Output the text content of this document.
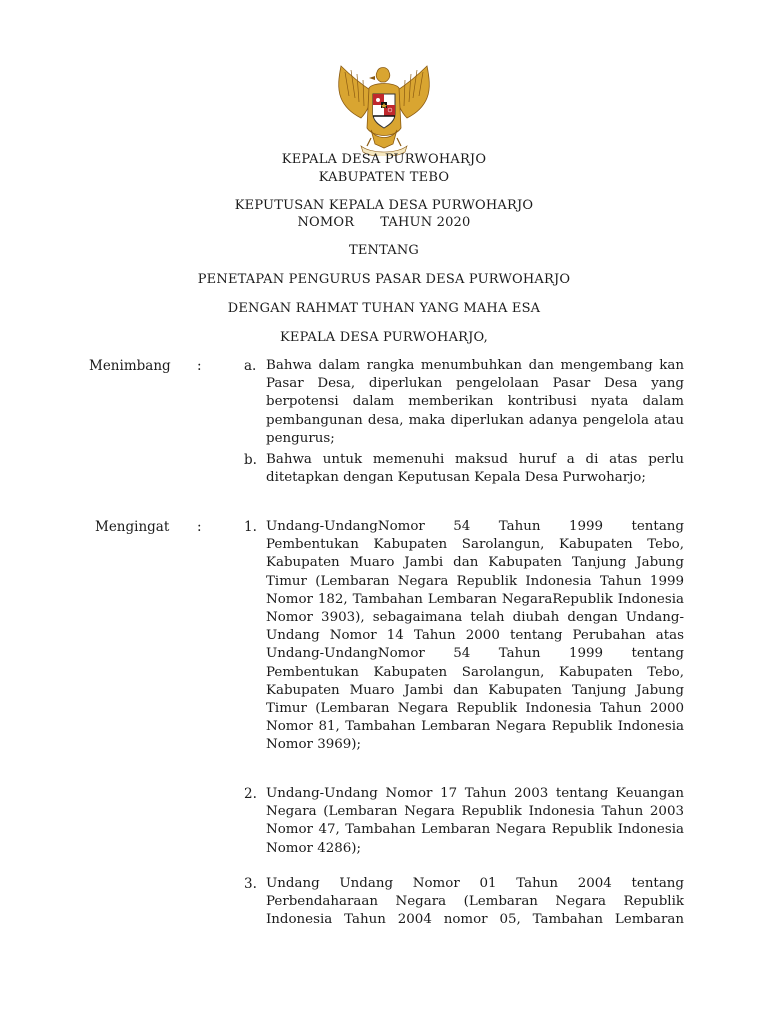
KEPALA DESA PURWOHARJO
KABUPATEN TEBO
KEPUTUSAN KEPALA DESA PURWOHARJO
NOMOR      TAHUN 2020
TENTANG
PENETAPAN PENGURUS PASAR DESA PURWOHARJO
DENGAN RAHMAT TUHAN YANG MAHA ESA
KEPALA DESA PURWOHARJO,
Menimbang :	a. Bahwa dalam rangka menumbuhkan dan mengembang kan Pasar Desa, diperlukan pengelolaan Pasar Desa yang berpotensi dalam memberikan kontribusi nyata dalam pembangunan desa, maka diperlukan adanya pengelola atau pengurus;
b. Bahwa untuk memenuhi maksud huruf a di atas perlu ditetapkan dengan Keputusan Kepala Desa Purwoharjo;
Mengingat :	1. Undang-UndangNomor 54 Tahun 1999 tentang Pembentukan Kabupaten Sarolangun, Kabupaten Tebo, Kabupaten Muaro Jambi dan Kabupaten Tanjung Jabung Timur (Lembaran Negara Republik Indonesia Tahun 1999 Nomor 182, Tambahan Lembaran NegaraRepublik Indonesia Nomor 3903), sebagaimana telah diubah dengan Undang-Undang Nomor 14 Tahun 2000 tentang Perubahan atas Undang-UndangNomor 54 Tahun 1999 tentang Pembentukan Kabupaten Sarolangun, Kabupaten Tebo, Kabupaten Muaro Jambi dan Kabupaten Tanjung Jabung Timur (Lembaran Negara Republik Indonesia Tahun 2000 Nomor 81, Tambahan Lembaran Negara Republik Indonesia Nomor 3969);
2. Undang-Undang Nomor 17 Tahun 2003 tentang Keuangan Negara (Lembaran Negara Republik Indonesia Tahun 2003 Nomor 47, Tambahan Lembaran Negara Republik Indonesia Nomor 4286);
3. Undang Undang Nomor 01 Tahun 2004 tentang Perbendaharaan Negara (Lembaran Negara Republik Indonesia Tahun 2004 nomor 05, Tambahan Lembaran
